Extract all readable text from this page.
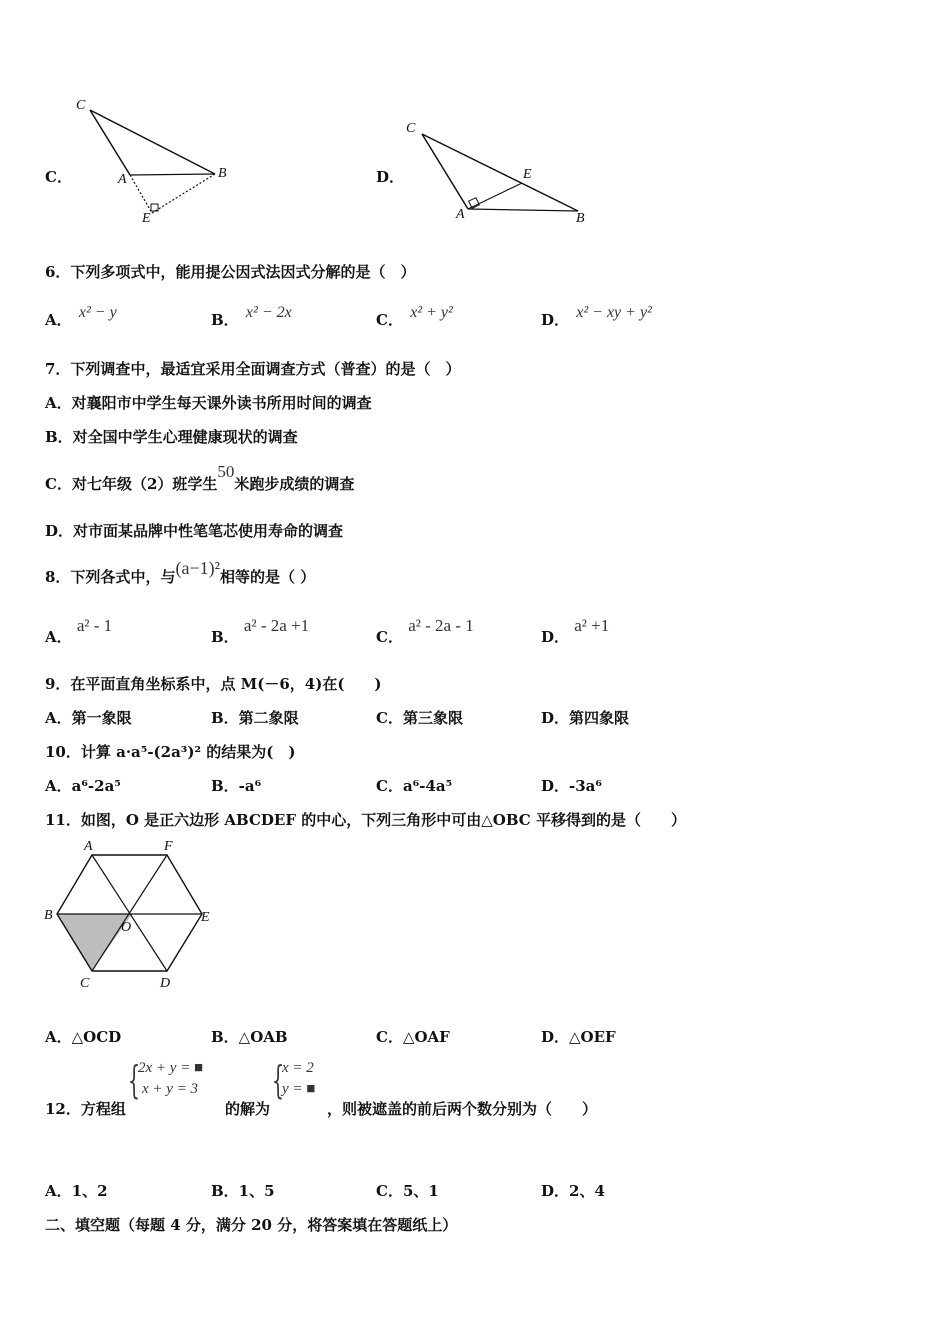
C．
C
A	B
E
D．
C
E
A	B
6．下列多项式中，能用提公因式法因式分解的是（　）
A． x² − y	B． x² − 2x	C． x² + y²	D． x² − xy + y²
7．下列调查中，最适宜采用全面调查方式（普查）的是（　）
A．对襄阳市中学生每天课外读书所用时间的调查
B．对全国中学生心理健康现状的调查
C．对七年级（2）班学生50米跑步成绩的调查
D．对市面某品牌中性笔笔芯使用寿命的调查
8．下列各式中，与(a−1)²相等的是（ ）
A． a² - 1
B． a² - 2a +1
C． a² - 2a - 1
D． a² +1
9．在平面直角坐标系中，点 M(－6，4)在(　　)
A．第一象限	B．第二象限	C．第三象限	D．第四象限
10．计算 a·a⁵-(2a³)² 的结果为(　)
A．a⁶-2a⁵	B．-a⁶	C．a⁶-4a⁵	D．-3a⁶
11．如图，O 是正六边形 ABCDEF 的中心，下列三角形中可由△OBC 平移得到的是（　　）
A	F
B
O
E
C	D
A．△OCD	B．△OAB	C．△OAF	D．△OEF
12．方程组
{
2x + y = ■
x + y = 3
的解为
{
x = 2
y = ■
，则被遮盖的前后两个数分别为（　　）
A．1、2	B．1、5	C．5、1	D．2、4
二、填空题（每题 4 分，满分 20 分，将答案填在答题纸上）
